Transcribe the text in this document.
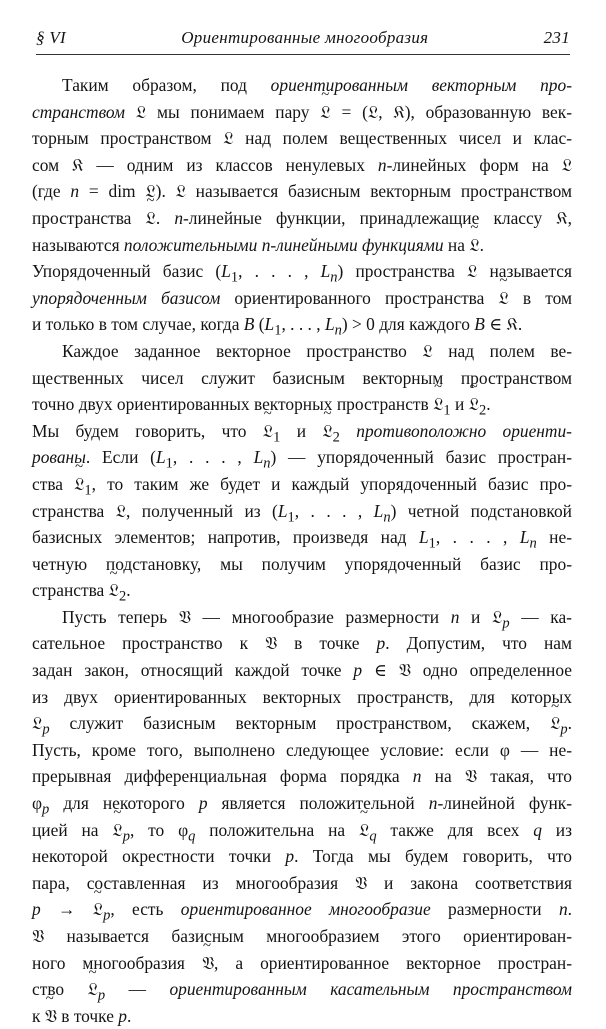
§ VI	Ориентированные многообразия	231
Таким образом, под ориентированным векторным про-
странством 𝔏 мы понимаем пару ~ 𝔏 = (𝔏, 𝔎), образованную век-
торным пространством 𝔏 над полем вещественных чисел и клас-
сом 𝔎 — одним из классов ненулевых n-линейных форм на 𝔏
(где n = dim 𝔏). 𝔏 называется базисным векторным пространством
пространства ~ 𝔏. n-линейные функции, принадлежащие классу 𝔎,
называются положительными n-линейными функциями на ~ 𝔏.
Упорядоченный базис ($L_1$, . . . , $L_n$) пространства 𝔏 называется
упорядоченным базисом ориентированного пространства ~ 𝔏 в том
и только в том случае, когда B ($L_1$, . . . , $L_n) > 0$ для каждого B ∈ 𝔎.
Каждое заданное векторное пространство 𝔏 над полем ве-
щественных чисел служит базисным векторным пространством
точно двух ориентированных векторных пространств ~ 𝔏$_1$ и ~ 𝔏$_2$.
Мы будем говорить, что ~ 𝔏$_1$ и ~ 𝔏$_2$ противоположно ориенти-
рованы. Если ($L_1$, . . . , $L_n$) — упорядоченный базис простран-
ства ~ 𝔏$_1$, то таким же будет и каждый упорядоченный базис про-
странства 𝔏, полученный из ($L_1$, . . . , $L_n$) четной подстановкой
базисных элементов; напротив, произведя над $L_1$, . . . , $L_n$ не-
четную подстановку, мы получим упорядоченный базис про-
странства ~ 𝔏$_2$.
Пусть теперь 𝔙 — многообразие размерности n и 𝔏$_p$ — ка-
сательное пространство к 𝔙 в точке p. Допустим, что нам
задан закон, относящий каждой точке p ∈ 𝔙 одно определенное
из двух ориентированных векторных пространств, для которых
𝔏$_p$ служит базисным векторным пространством, скажем, ~ 𝔏$_p$.
Пусть, кроме того, выполнено следующее условие: если φ — не-
прерывная дифференциальная форма порядка n на 𝔙 такая, что
$\varphi_p$ для некоторого p является положительной n-линейной функ-
цией на ~ 𝔏$_p$, то $\varphi_q$ положительна на ~ 𝔏$_q$ также для всех q из
некоторой окрестности точки p. Тогда мы будем говорить, что
пара, составленная из многообразия 𝔙 и закона соответствия
p → ~ 𝔏$_p$, есть ориентированное многообразие размерности n.
𝔙 называется базисным многообразием этого ориентирован-
ного многообразия ~ 𝔙, а ориентированное векторное простран-
ство ~ 𝔏$_p$ — ориентированным касательным пространством
к ~ 𝔙 в точке p.
